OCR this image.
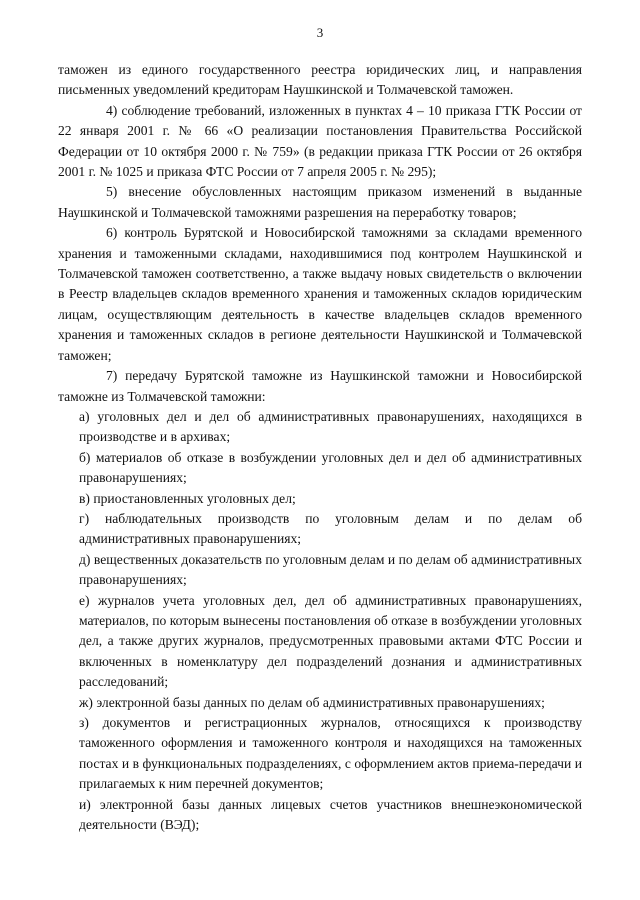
3

таможен из единого государственного реестра юридических лиц, и направления письменных уведомлений кредиторам Наушкинской и Толмачевской таможен.

4) соблюдение требований, изложенных в пунктах 4 – 10 приказа ГТК России от 22 января 2001 г. № 66 «О реализации постановления Правительства Российской Федерации от 10 октября 2000 г. № 759» (в редакции приказа ГТК России от 26 октября 2001 г. № 1025 и приказа ФТС России от 7 апреля 2005 г. № 295);

5) внесение обусловленных настоящим приказом изменений в выданные Наушкинской и Толмачевской таможнями разрешения на переработку товаров;

6) контроль Бурятской и Новосибирской таможнями за складами временного хранения и таможенными складами, находившимися под контролем Наушкинской и Толмачевской таможен соответственно, а также выдачу новых свидетельств о включении в Реестр владельцев складов временного хранения и таможенных складов юридическим лицам, осуществляющим деятельность в качестве владельцев складов временного хранения и таможенных складов в регионе деятельности Наушкинской и Толмачевской таможен;

7) передачу Бурятской таможне из Наушкинской таможни и Новосибирской таможне из Толмачевской таможни:

а) уголовных дел и дел об административных правонарушениях, находящихся в производстве и в архивах;

б) материалов об отказе в возбуждении уголовных дел и дел об административных правонарушениях;

в) приостановленных уголовных дел;

г) наблюдательных производств по уголовным делам и по делам об административных правонарушениях;

д) вещественных доказательств по уголовным делам и по делам об административных правонарушениях;

е) журналов учета уголовных дел, дел об административных правонарушениях, материалов, по которым вынесены постановления об отказе в возбуждении уголовных дел, а также других журналов, предусмотренных правовыми актами ФТС России и включенных в номенклатуру дел подразделений дознания и административных расследований;

ж) электронной базы данных по делам об административных правонарушениях;

з) документов и регистрационных журналов, относящихся к производству таможенного оформления и таможенного контроля и находящихся на таможенных постах и в функциональных подразделениях, с оформлением актов приема-передачи и прилагаемых к ним перечней документов;

и) электронной базы данных лицевых счетов участников внешнеэкономической деятельности (ВЭД);
